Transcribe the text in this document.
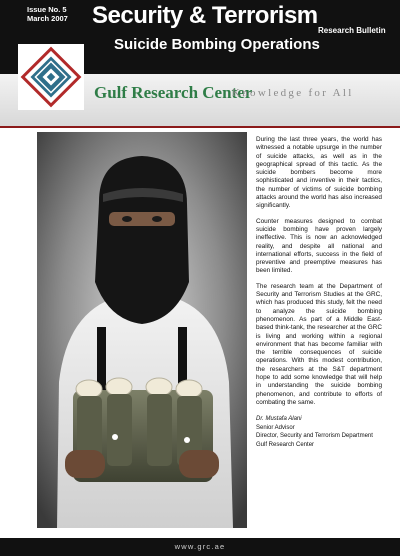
Issue No. 5
March 2007 Security & Terrorism
Suicide Bombing Operations
Research Bulletin
Gulf Research Center
Knowledge for All

During the last three years, the world has witnessed a notable upsurge in the number of suicide attacks, as well as in the geographical spread of this tactic. As the suicide bombers become more sophisticated and inventive in their tactics, the number of victims of suicide bombing attacks around the world has also increased significantly.

Counter measures designed to combat suicide bombing have proven largely ineffective. This is now an acknowledged reality, and despite all national and international efforts, success in the field of preventive and preemptive measures has been limited.

The research team at the Department of Security and Terrorism Studies at the GRC, which has produced this study, felt the need to analyze the suicide bombing phenomenon. As part of a Middle East-based think-tank, the researcher at the GRC is living and working within a regional environment that has become familiar with the terrible consequences of suicide operations. With this modest contribution, the researchers at the S&T department hope to add some knowledge that will help in understanding the suicide bombing phenomenon, and contribute to efforts of combating the same.

Dr. Mustafa Alani
Senior Advisor
Director, Security and Terrorism Department
Gulf Research Center
www.grc.ae
